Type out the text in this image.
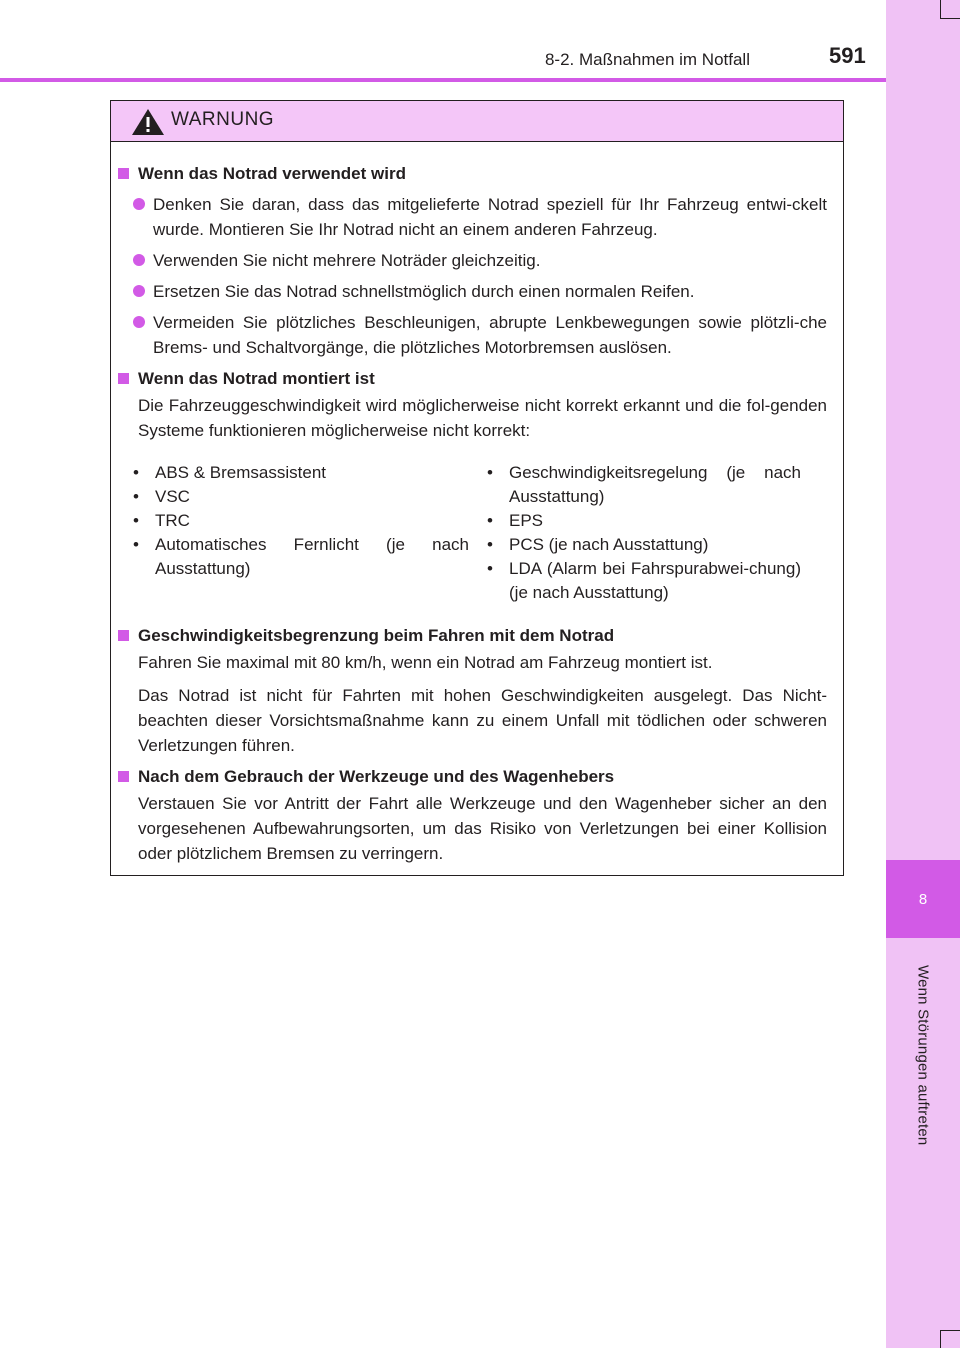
8
Wenn Störungen auftreten
8-2. Maßnahmen im Notfall	591
WARNUNG
Wenn das Notrad verwendet wird
Denken Sie daran, dass das mitgelieferte Notrad speziell für Ihr Fahrzeug entwi-ckelt wurde. Montieren Sie Ihr Notrad nicht an einem anderen Fahrzeug.
Verwenden Sie nicht mehrere Noträder gleichzeitig.
Ersetzen Sie das Notrad schnellstmöglich durch einen normalen Reifen.
Vermeiden Sie plötzliches Beschleunigen, abrupte Lenkbewegungen sowie plötzli-che Brems- und Schaltvorgänge, die plötzliches Motorbremsen auslösen.
Wenn das Notrad montiert ist
Die Fahrzeuggeschwindigkeit wird möglicherweise nicht korrekt erkannt und die fol-genden Systeme funktionieren möglicherweise nicht korrekt:
• ABS & Bremsassistent
• VSC
• TRC
• Automatisches Fernlicht (je nach Ausstattung)
• Geschwindigkeitsregelung (je nach Ausstattung)
• EPS
• PCS (je nach Ausstattung)
• LDA (Alarm bei Fahrspurabwei-chung) (je nach Ausstattung)
Geschwindigkeitsbegrenzung beim Fahren mit dem Notrad
Fahren Sie maximal mit 80 km/h, wenn ein Notrad am Fahrzeug montiert ist.
Das Notrad ist nicht für Fahrten mit hohen Geschwindigkeiten ausgelegt. Das Nicht-beachten dieser Vorsichtsmaßnahme kann zu einem Unfall mit tödlichen oder schweren Verletzungen führen.
Nach dem Gebrauch der Werkzeuge und des Wagenhebers
Verstauen Sie vor Antritt der Fahrt alle Werkzeuge und den Wagenheber sicher an den vorgesehenen Aufbewahrungsorten, um das Risiko von Verletzungen bei einer Kollision oder plötzlichem Bremsen zu verringern.
